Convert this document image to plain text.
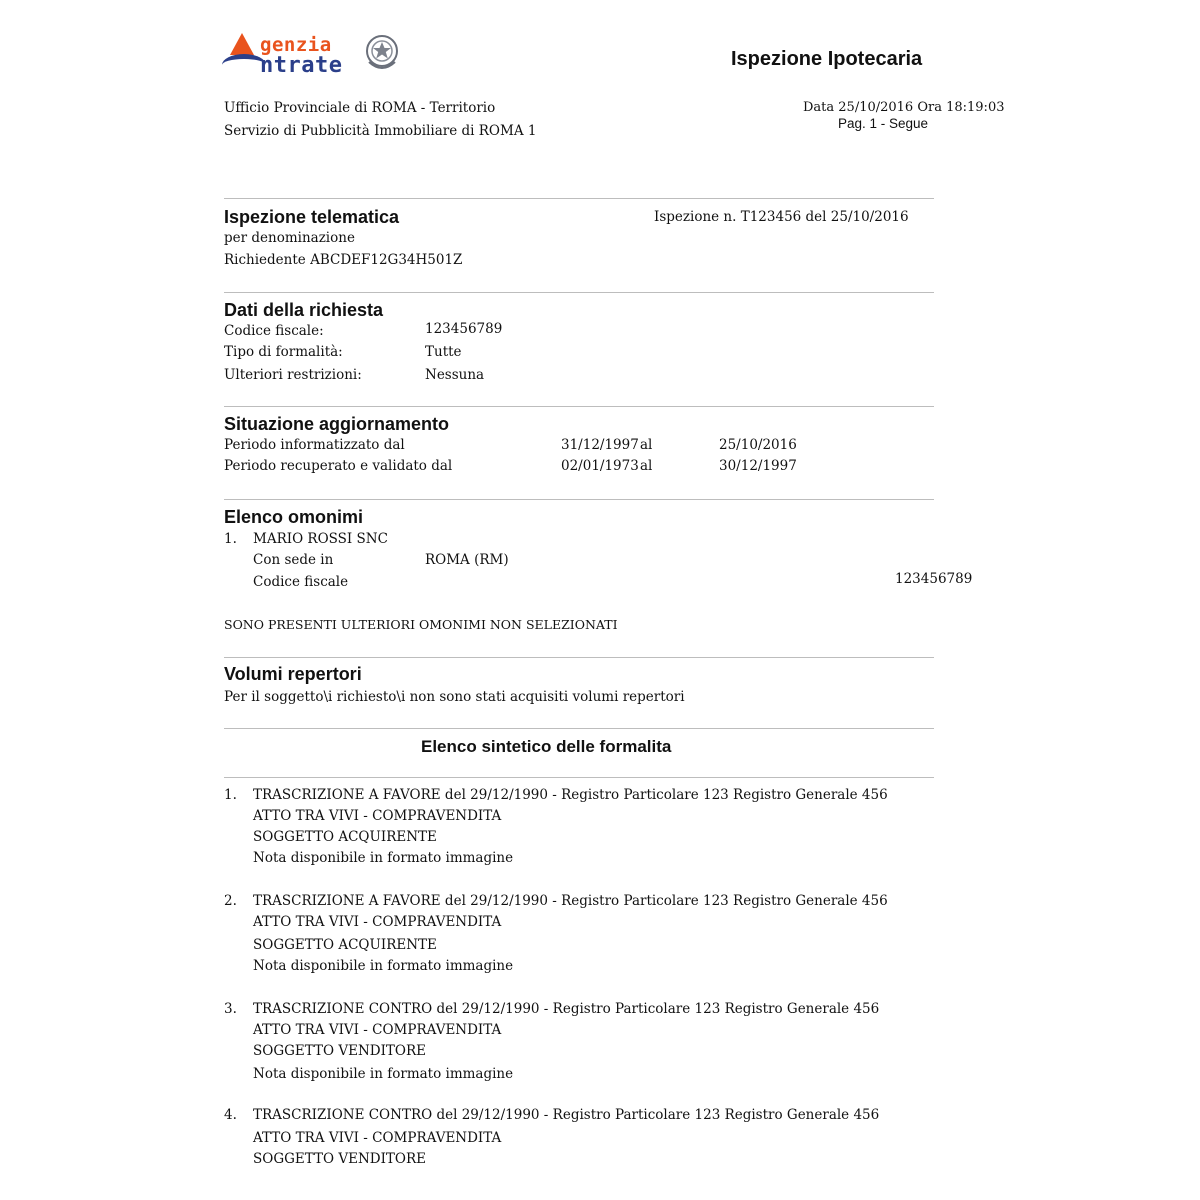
genzia
ntrate	Ispezione Ipotecaria
Ufficio Provinciale di ROMA - Territorio
Servizio di Pubblicità Immobiliare di ROMA 1
Data 25/10/2016 Ora 18:19:03
Pag. 1 - Segue
Ispezione telematica
per denominazione
Richiedente ABCDEF12G34H501Z
Ispezione n. T123456 del 25/10/2016
Dati della richiesta
Codice fiscale:	123456789
Tipo di formalità:	Tutte
Ulteriori restrizioni:	Nessuna
Situazione aggiornamento
Periodo informatizzato dal	31/12/1997 al	25/10/2016
Periodo recuperato e validato dal	02/01/1973 al	30/12/1997
Elenco omonimi
1. MARIO ROSSI SNC
Con sede in	ROMA (RM)
Codice fiscale	123456789
SONO PRESENTI ULTERIORI OMONIMI NON SELEZIONATI
Volumi repertori
Per il soggetto\i richiesto\i non sono stati acquisiti volumi repertori
Elenco sintetico delle formalita
1. TRASCRIZIONE A FAVORE del 29/12/1990 - Registro Particolare 123 Registro Generale 456
ATTO TRA VIVI - COMPRAVENDITA
SOGGETTO ACQUIRENTE
Nota disponibile in formato immagine
2. TRASCRIZIONE A FAVORE del 29/12/1990 - Registro Particolare 123 Registro Generale 456
ATTO TRA VIVI - COMPRAVENDITA
SOGGETTO ACQUIRENTE
Nota disponibile in formato immagine
3. TRASCRIZIONE CONTRO del 29/12/1990 - Registro Particolare 123 Registro Generale 456
ATTO TRA VIVI - COMPRAVENDITA
SOGGETTO VENDITORE
Nota disponibile in formato immagine
4. TRASCRIZIONE CONTRO del 29/12/1990 - Registro Particolare 123 Registro Generale 456
ATTO TRA VIVI - COMPRAVENDITA
SOGGETTO VENDITORE
